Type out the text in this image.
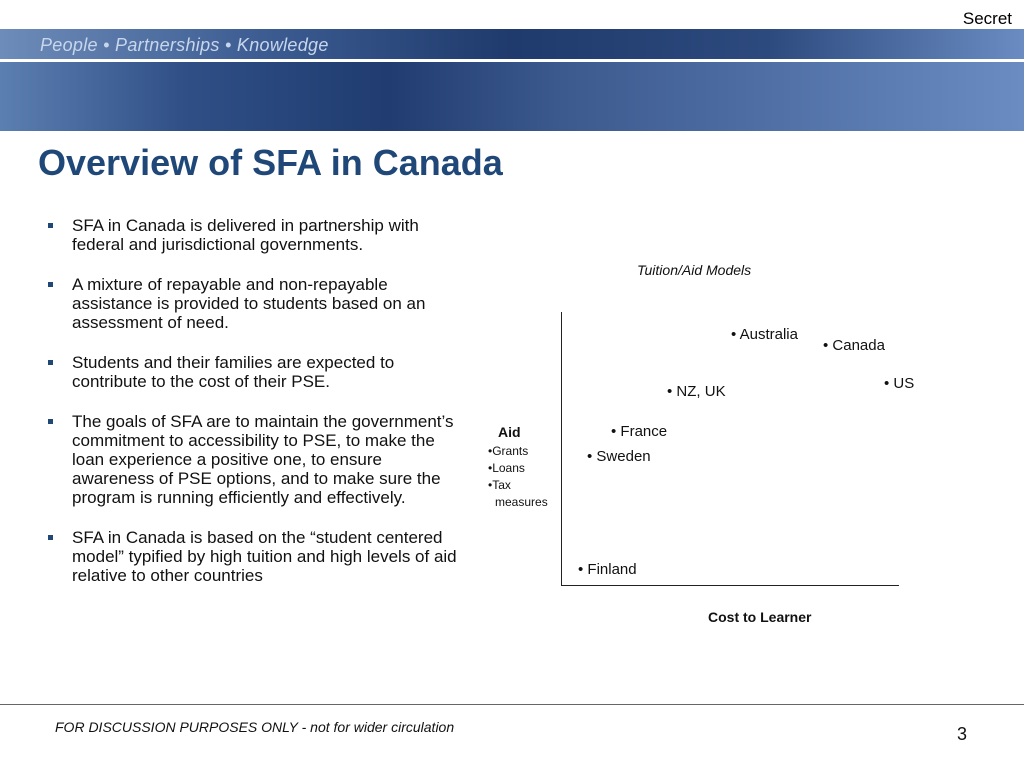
Secret
People • Partnerships • Knowledge
Overview of SFA in Canada
SFA in Canada is delivered in partnership with federal and jurisdictional governments.
A mixture of repayable and non-repayable assistance is provided to students based on an assessment of need.
Students and their families are expected to contribute to the cost of their PSE.
The goals of SFA are to maintain the government’s commitment to accessibility to PSE, to make the loan experience a positive one, to ensure awareness of PSE options, and to make sure the program is running efficiently and effectively.
SFA in Canada is based on the “student centered model” typified by high tuition and high levels of aid relative to other countries
Tuition/Aid Models
Aid
•Grants
•Loans
•Tax
measures
• Australia
• Canada
• US
• NZ, UK
• France
• Sweden
• Finland
Cost to Learner
FOR DISCUSSION PURPOSES ONLY - not for wider circulation	3
